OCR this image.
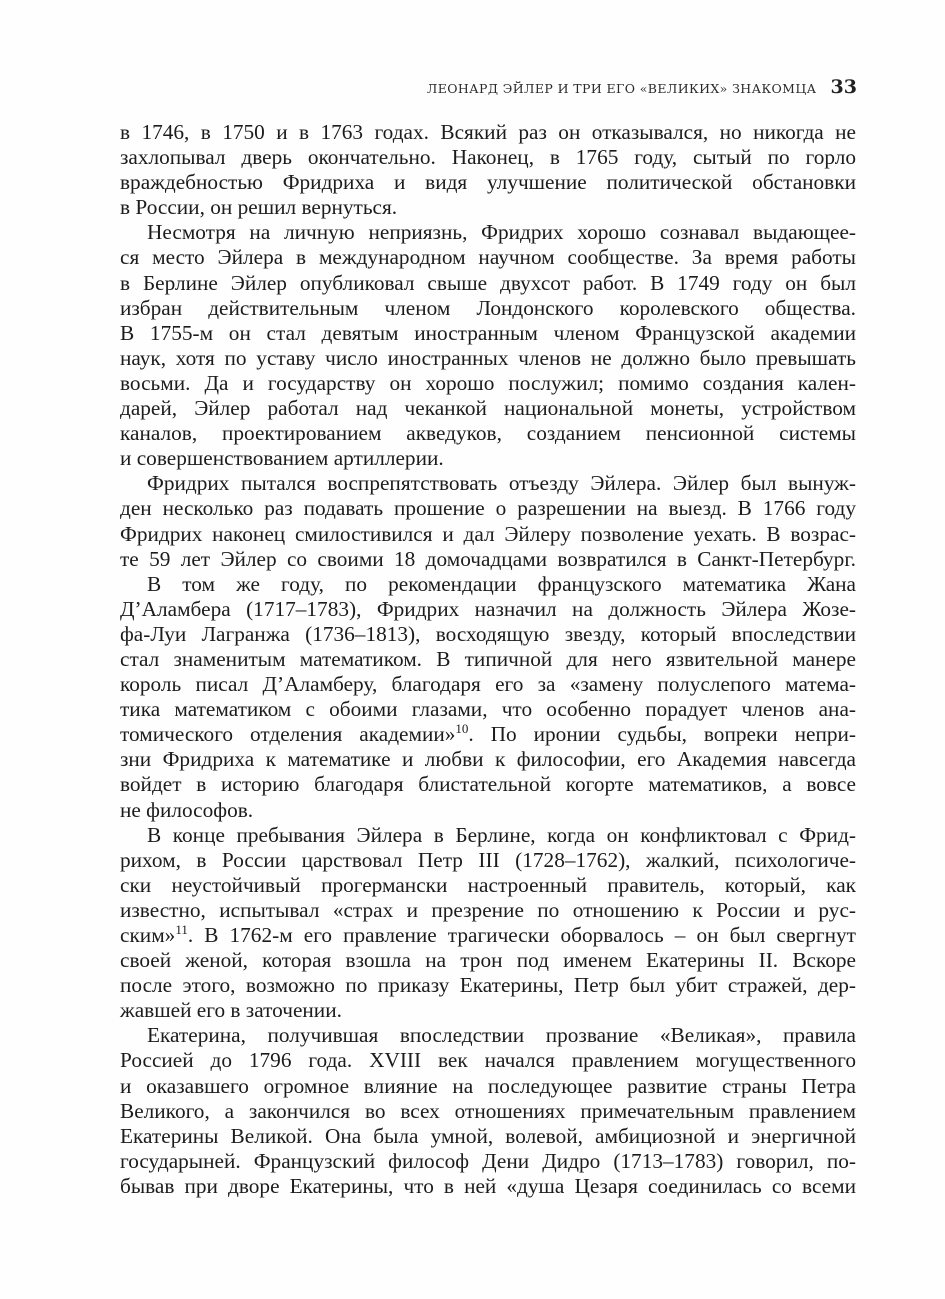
ЛЕОНАРД ЭЙЛЕР И ТРИ ЕГО «ВЕЛИКИХ» ЗНАКОМЦА 33
в 1746, в 1750 и в 1763 годах. Всякий раз он отказывался, но никогда не
захлопывал дверь окончательно. Наконец, в 1765 году, сытый по горло
враждебностью Фридриха и видя улучшение политической обстановки
в России, он решил вернуться.
Несмотря на личную неприязнь, Фридрих хорошо сознавал выдающее-
ся место Эйлера в международном научном сообществе. За время работы
в Берлине Эйлер опубликовал свыше двухсот работ. В 1749 году он был
избран действительным членом Лондонского королевского общества.
В 1755-м он стал девятым иностранным членом Французской академии
наук, хотя по уставу число иностранных членов не должно было превышать
восьми. Да и государству он хорошо послужил; помимо создания кален-
дарей, Эйлер работал над чеканкой национальной монеты, устройством
каналов, проектированием акведуков, созданием пенсионной системы
и совершенствованием артиллерии.
Фридрих пытался воспрепятствовать отъезду Эйлера. Эйлер был вынуж-
ден несколько раз подавать прошение о разрешении на выезд. В 1766 году
Фридрих наконец смилостивился и дал Эйлеру позволение уехать. В возрас-
те 59 лет Эйлер со своими 18 домочадцами возвратился в Санкт-Петербург.
В том же году, по рекомендации французского математика Жана
Д’Аламбера (1717–1783), Фридрих назначил на должность Эйлера Жозе-
фа-Луи Лагранжа (1736–1813), восходящую звезду, который впоследствии
стал знаменитым математиком. В типичной для него язвительной манере
король писал Д’Аламберу, благодаря его за «замену полуслепого матема-
тика математиком с обоими глазами, что особенно порадует членов ана-
томического отделения академии»$^{10}$. По иронии судьбы, вопреки непри-
зни Фридриха к математике и любви к философии, его Академия навсегда
войдет в историю благодаря блистательной когорте математиков, а вовсе
не философов.
В конце пребывания Эйлера в Берлине, когда он конфликтовал с Фрид-
рихом, в России царствовал Петр III (1728–1762), жалкий, психологиче-
ски неустойчивый прогермански настроенный правитель, который, как
известно, испытывал «страх и презрение по отношению к России и рус-
ским»$^{11}$. В 1762-м его правление трагически оборвалось – он был свергнут
своей женой, которая взошла на трон под именем Екатерины II. Вскоре
после этого, возможно по приказу Екатерины, Петр был убит стражей, дер-
жавшей его в заточении.
Екатерина, получившая впоследствии прозвание «Великая», правила
Россией до 1796 года. XVIII век начался правлением могущественного
и оказавшего огромное влияние на последующее развитие страны Петра
Великого, а закончился во всех отношениях примечательным правлением
Екатерины Великой. Она была умной, волевой, амбициозной и энергичной
государыней. Французский философ Дени Дидро (1713–1783) говорил, по-
бывав при дворе Екатерины, что в ней «душа Цезаря соединилась со всеми
